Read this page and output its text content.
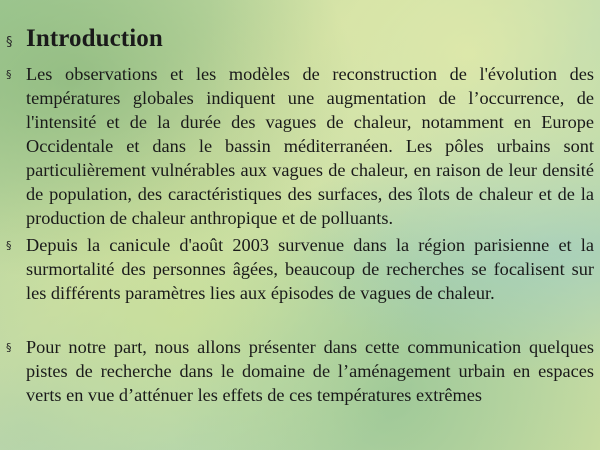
§ Introduction
§ Les observations et les modèles de reconstruction de l'évolution des températures globales indiquent une augmentation de l’occurrence, de l'intensité et de la durée des vagues de chaleur, notamment en Europe Occidentale et dans le bassin méditerranéen. Les pôles urbains sont particulièrement vulnérables aux vagues de chaleur, en raison de leur densité de population, des caractéristiques des surfaces, des îlots de chaleur et de la production de chaleur anthropique et de polluants.
§ Depuis la canicule d'août 2003 survenue dans la région parisienne et la surmortalité des personnes âgées, beaucoup de recherches se focalisent sur les différents paramètres lies aux épisodes de vagues de chaleur.
§ Pour notre part, nous allons présenter dans cette communication quelques pistes de recherche dans le domaine de l’aménagement urbain en espaces verts en vue d’atténuer les effets de ces températures extrêmes
